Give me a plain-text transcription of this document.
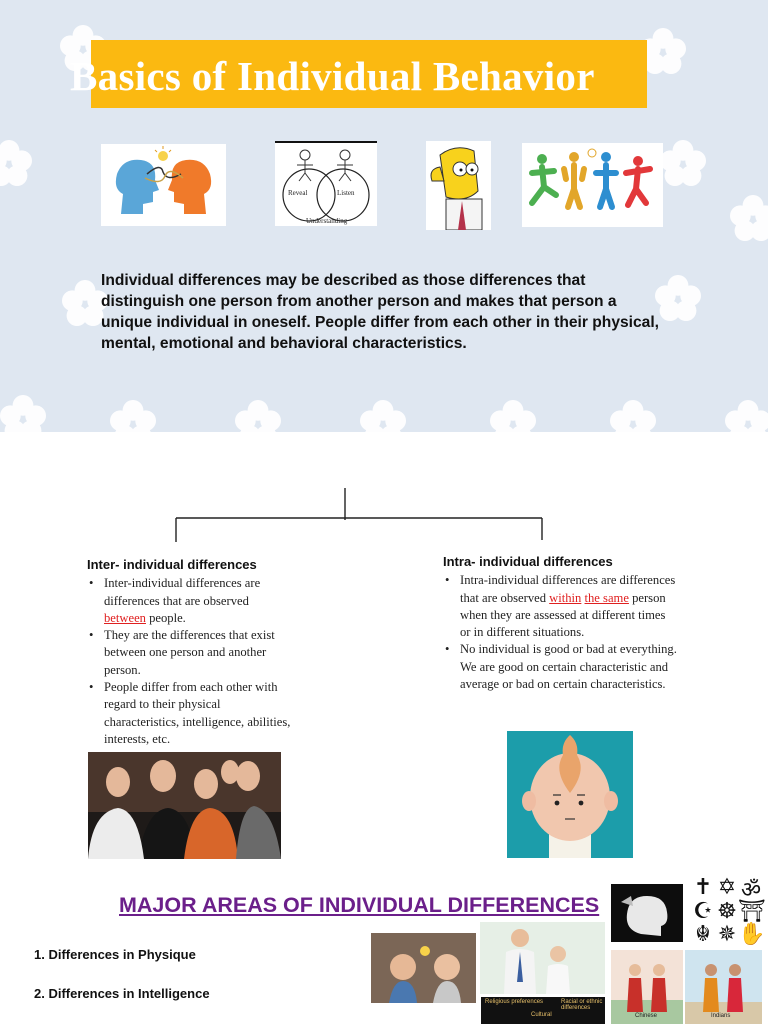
Basics of Individual Behavior
Reveal	Listen
Understanding
Individual differences may be described as those differences that distinguish one person from another person and makes that person a unique individual in oneself. People differ from each other in their physical, mental, emotional and behavioral characteristics.
Inter- individual differences
• Inter-individual differences are differences that are observed between people.
• They are the differences that exist between one person and another person.
• People differ from each other with regard to their physical characteristics, intelligence, abilities, interests, etc.
Intra- individual differences
• Intra-individual differences are differences that are observed within the same person when they are assessed at different times or in different situations.
• No individual is good or bad at everything. We are good on certain characteristic and average or bad on certain characteristics.
MAJOR AREAS OF INDIVIDUAL DIFFERENCES
1. Differences in Physique
2. Differences in Intelligence
Religious preferences	Racial or ethnic differences
Cultural
✝ ✡ ॐ
☪ ☸ ⛩
☬ ✵ ✋
Chinese	Indians
